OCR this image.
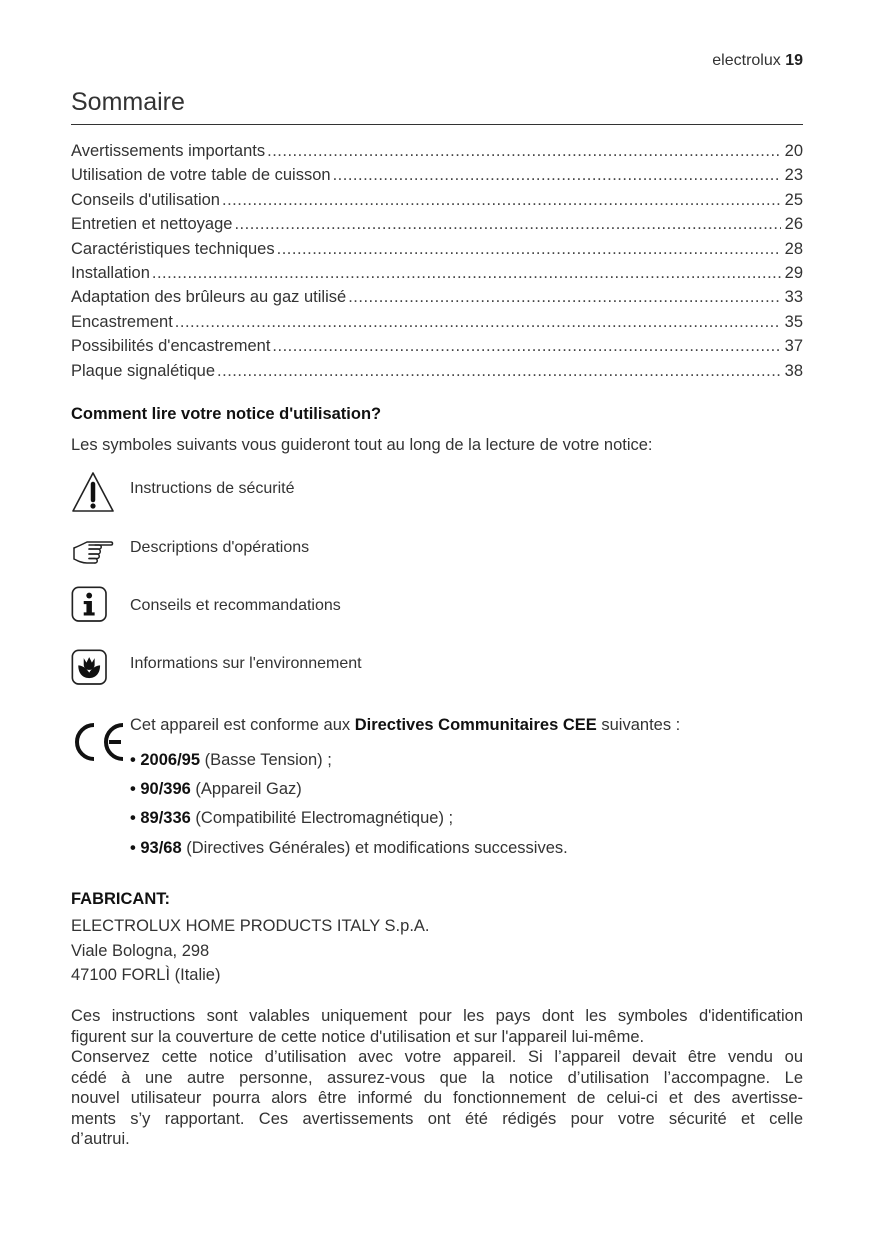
electrolux 19
Sommaire
Avertissements importants .....	20
Utilisation de votre table de cuisson .....	23
Conseils d'utilisation .....	25
Entretien et nettoyage .....	26
Caractéristiques techniques .....	28
Installation .....	29
Adaptation des brûleurs au gaz utilisé .....	33
Encastrement .....	35
Possibilités d'encastrement .....	37
Plaque signalétique .....	38
Comment lire votre notice d'utilisation?
Les symboles suivants vous guideront tout au long de la lecture de votre notice:
Instructions de sécurité
Descriptions d'opérations
Conseils et recommandations
Informations sur l'environnement
Cet appareil est conforme aux Directives Communitaires CEE suivantes :
• 2006/95 (Basse Tension) ;
• 90/396 (Appareil Gaz)
• 89/336 (Compatibilité Electromagnétique) ;
• 93/68 (Directives Générales) et modifications successives.
FABRICANT:
ELECTROLUX HOME PRODUCTS ITALY S.p.A.
Viale Bologna, 298
47100 FORLÌ (Italie)
Ces instructions sont valables uniquement pour les pays dont les symboles d'identification
figurent sur la couverture de cette notice d'utilisation et sur l'appareil lui-même.
Conservez cette notice d’utilisation avec votre appareil. Si l’appareil devait être vendu ou
cédé à une autre personne, assurez-vous que la notice d’utilisation l’accompagne. Le
nouvel utilisateur pourra alors être informé du fonctionnement de celui-ci et des avertisse-
ments s’y rapportant. Ces avertissements ont été rédigés pour votre sécurité et celle
d’autrui.
